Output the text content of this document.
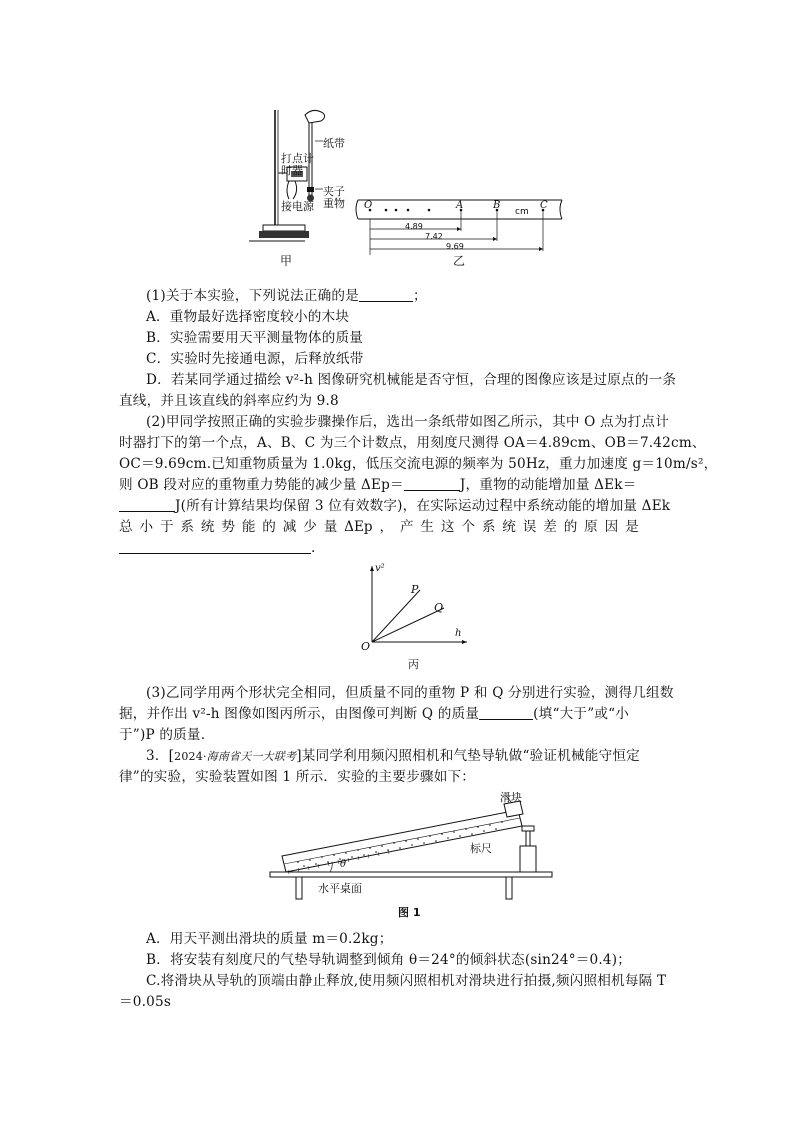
纸带
打点计
时器
夹子
重物
接电源
甲
O	A	B
cm
C
4.89
7.42
9.69
乙
(1)关于本实验，下列说法正确的是	；
A．重物最好选择密度较小的木块
B．实验需要用天平测量物体的质量
C．实验时先接通电源，后释放纸带
D．若某同学通过描绘 v²-h 图像研究机械能是否守恒，合理的图像应该是过原点的一条
直线，并且该直线的斜率应约为 9.8
(2)甲同学按照正确的实验步骤操作后，选出一条纸带如图乙所示，其中 O 点为打点计
时器打下的第一个点，A、B、C 为三个计数点，用刻度尺测得 OA＝4.89cm、OB＝7.42cm、
OC＝9.69cm.已知重物质量为 1.0kg，低压交流电源的频率为 50Hz，重力加速度 g＝10m/s²，
则 OB 段对应的重物重力势能的减少量 ΔEp＝	J，重物的动能增加量 ΔEk＝
J(所有计算结果均保留 3 位有效数字)，在实际运动过程中系统动能的增加量 ΔEk
总 小 于 系 统 势 能 的 减 少 量 ΔEp ， 产 生 这 个 系 统 误 差 的 原 因 是
.
v²
h
O
P
Q
丙
(3)乙同学用两个形状完全相同，但质量不同的重物 P 和 Q 分别进行实验，测得几组数
据，并作出 v²-h 图像如图丙所示，由图像可判断 Q 的质量	(填“大于”或“小
于”)P 的质量.
3．[2024·海南省天一大联考]某同学利用频闪照相机和气垫导轨做“验证机械能守恒定
律”的实验，实验装置如图 1 所示．实验的主要步骤如下：
滑块
标尺
θ
水平桌面
图 1
A．用天平测出滑块的质量 m＝0.2kg；
B．将安装有刻度尺的气垫导轨调整到倾角 θ＝24°的倾斜状态(sin24°＝0.4)；
C.将滑块从导轨的顶端由静止释放,使用频闪照相机对滑块进行拍摄,频闪照相机每隔 T
＝0.05s
